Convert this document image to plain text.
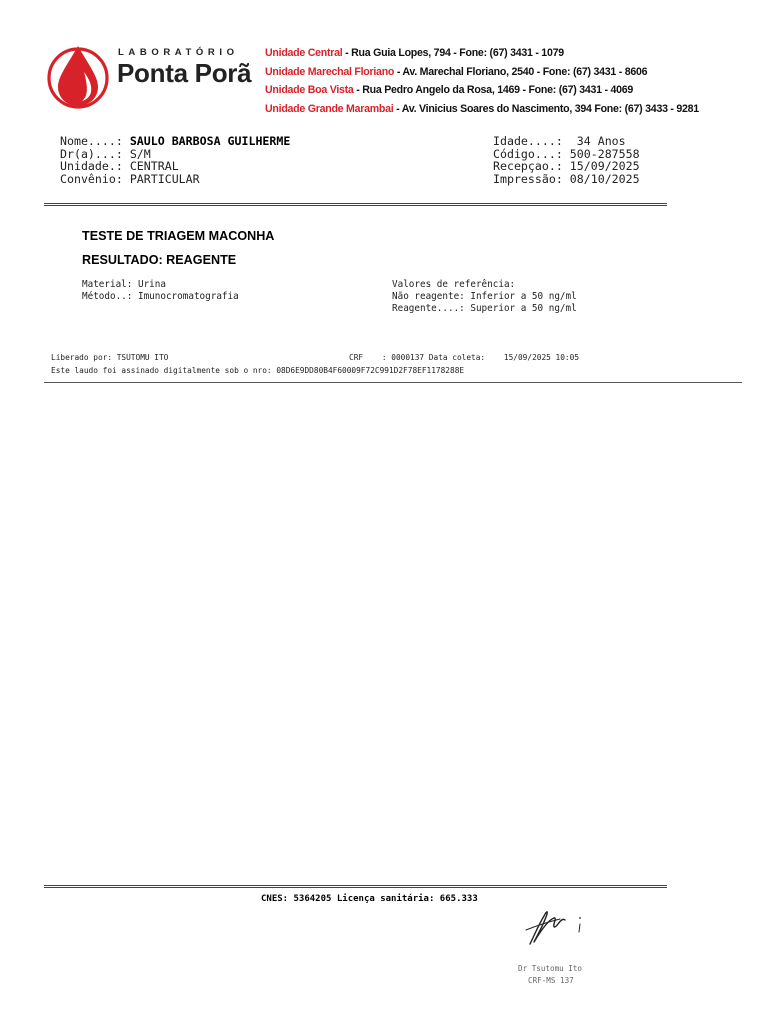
LABORATÓRIO
Ponta Porã
Unidade Central - Rua Guia Lopes, 794 - Fone: (67) 3431 - 1079
Unidade Marechal Floriano - Av. Marechal Floriano, 2540 - Fone: (67) 3431 - 8606
Unidade Boa Vista - Rua Pedro Angelo da Rosa, 1469 - Fone: (67) 3431 - 4069
Unidade Grande Marambai - Av. Vinicius Soares do Nascimento, 394 Fone: (67) 3433 - 9281
Nome....: SAULO BARBOSA GUILHERME
Dr(a)...: S/M
Unidade.: CENTRAL
Convênio: PARTICULAR
Idade....: 34 Anos
Código...: 500-287558
Recepçao.: 15/09/2025
Impressão: 08/10/2025
TESTE DE TRIAGEM MACONHA
RESULTADO: REAGENTE
Material: Urina
Método..: Imunocromatografia
Valores de referência:
Não reagente: Inferior a 50 ng/ml
Reagente....: Superior a 50 ng/ml
Liberado por: TSUTOMU ITO	CRF    : 0000137 Data coleta:    15/09/2025 10:05
Este laudo foi assinado digitalmente sob o nro: 08D6E9DD80B4F60009F72C991D2F78EF1178288E
CNES: 5364205 Licença sanitária: 665.333
Dr Tsutomu Ito
CRF-MS 137
